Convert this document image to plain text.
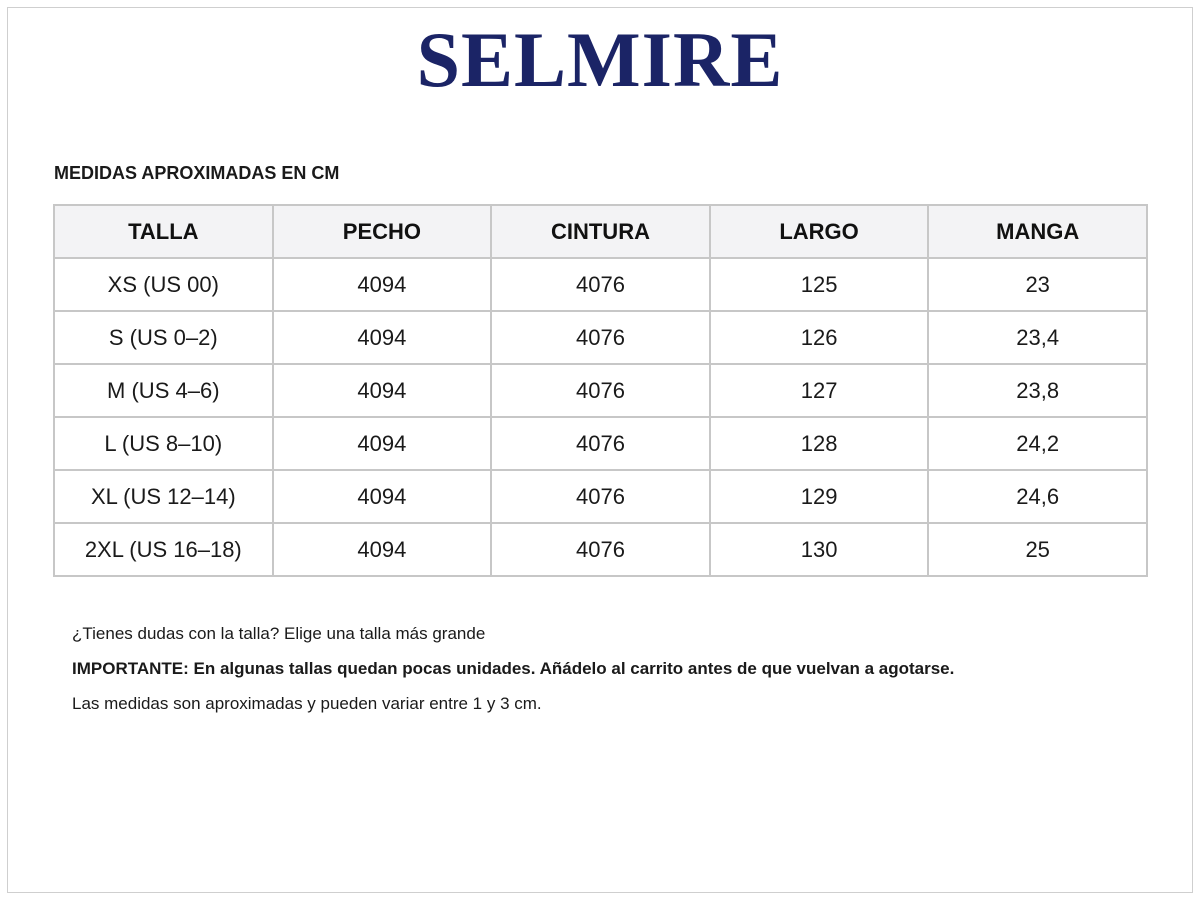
SELMIRE
MEDIDAS APROXIMADAS EN CM
TALLA	PECHO	CINTURA	LARGO	MANGA
XS (US 00)	4094	4076	125	23
S (US 0–2)	4094	4076	126	23,4
M (US 4–6)	4094	4076	127	23,8
L (US 8–10)	4094	4076	128	24,2
XL (US 12–14)	4094	4076	129	24,6
2XL (US 16–18)	4094	4076	130	25

¿Tienes dudas con la talla? Elige una talla más grande

IMPORTANTE: En algunas tallas quedan pocas unidades. Añádelo al carrito antes de que vuelvan a agotarse.

Las medidas son aproximadas y pueden variar entre 1 y 3 cm.
